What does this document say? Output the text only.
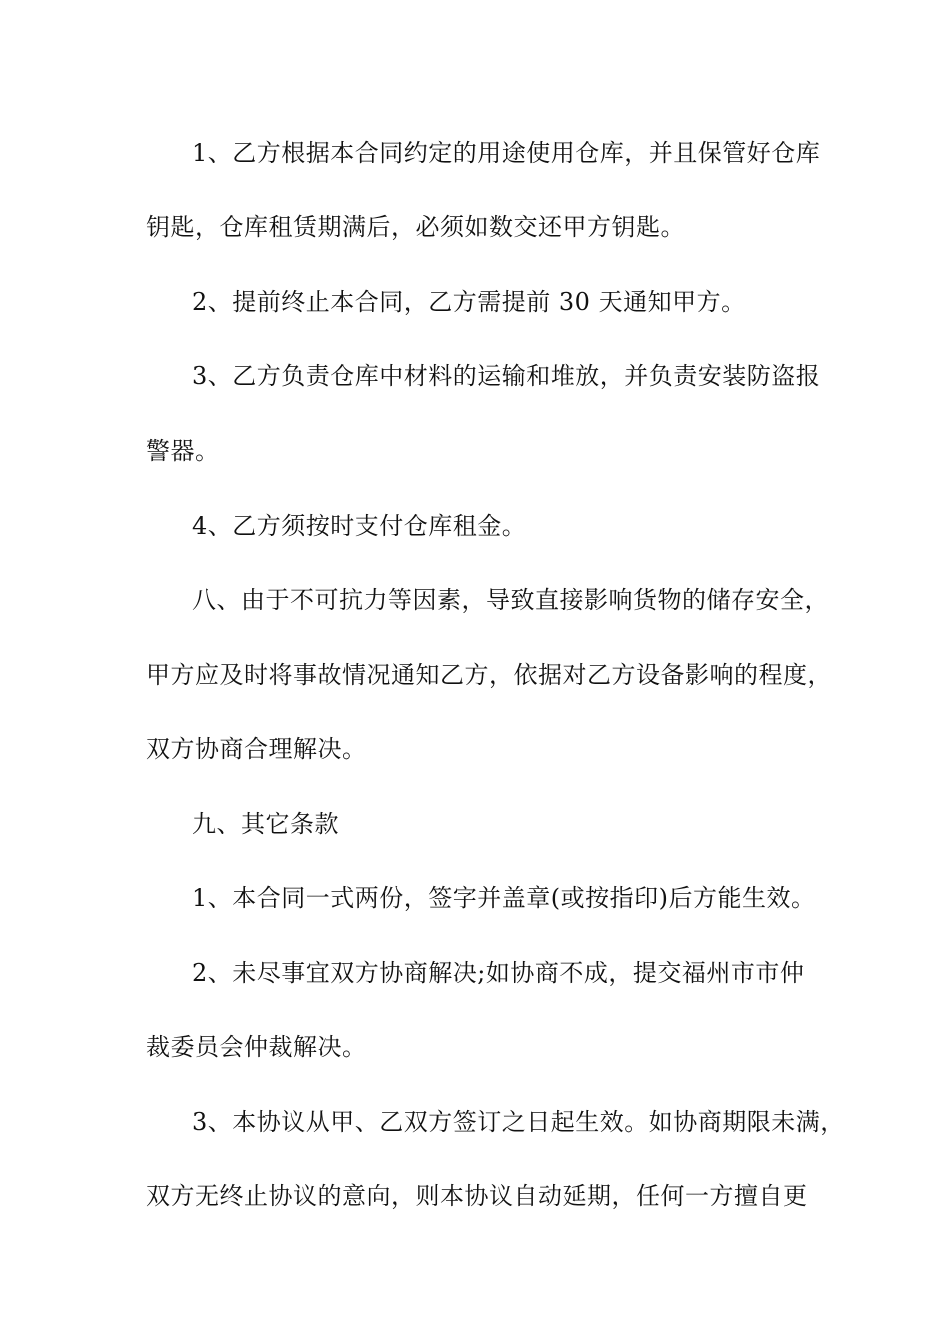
1、乙方根据本合同约定的用途使用仓库，并且保管好仓库
钥匙，仓库租赁期满后，必须如数交还甲方钥匙。
2、提前终止本合同，乙方需提前 30 天通知甲方。
3、乙方负责仓库中材料的运输和堆放，并负责安装防盗报
警器。
4、乙方须按时支付仓库租金。
八、由于不可抗力等因素，导致直接影响货物的储存安全，
甲方应及时将事故情况通知乙方，依据对乙方设备影响的程度，
双方协商合理解决。
九、其它条款
1、本合同一式两份，签字并盖章(或按指印)后方能生效。
2、未尽事宜双方协商解决;如协商不成，提交福州市市仲
裁委员会仲裁解决。
3、本协议从甲、乙双方签订之日起生效。如协商期限未满，
双方无终止协议的意向，则本协议自动延期，任何一方擅自更
